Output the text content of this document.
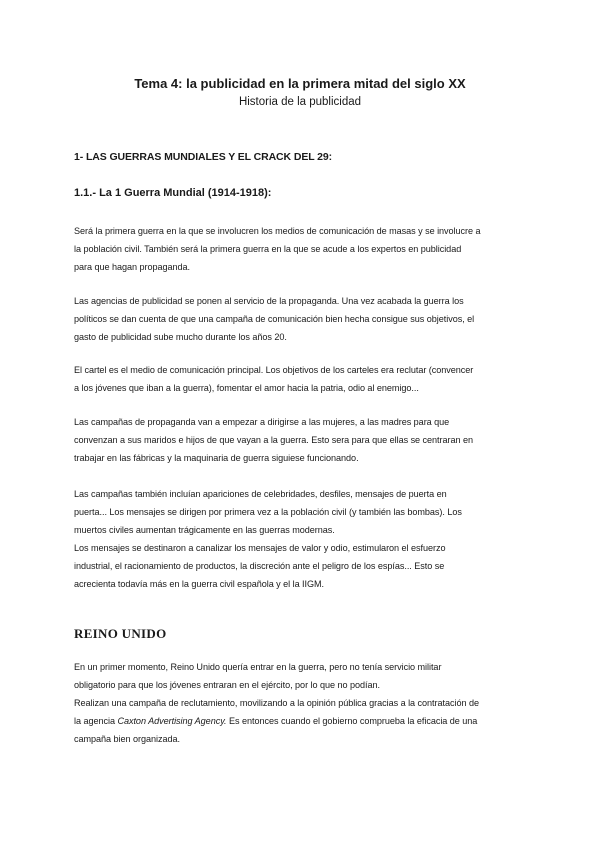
Tema 4: la publicidad en la primera mitad del siglo XX
Historia de la publicidad
1- LAS GUERRAS MUNDIALES Y EL CRACK DEL 29:
1.1.- La 1 Guerra Mundial (1914-1918):

Será la primera guerra en la que se involucren los medios de comunicación de masas y se involucre a
la población civil. También será la primera guerra en la que se acude a los expertos en publicidad
para que hagan propaganda.

Las agencias de publicidad se ponen al servicio de la propaganda. Una vez acabada la guerra los
políticos se dan cuenta de que una campaña de comunicación bien hecha consigue sus objetivos, el
gasto de publicidad sube mucho durante los años 20.

El cartel es el medio de comunicación principal. Los objetivos de los carteles era reclutar (convencer
a los jóvenes que iban a la guerra), fomentar el amor hacia la patria, odio al enemigo...

Las campañas de propaganda van a empezar a dirigirse a las mujeres, a las madres para que
convenzan a sus maridos e hijos de que vayan a la guerra. Esto sera para que ellas se centraran en
trabajar en las fábricas y la maquinaria de guerra siguiese funcionando.

Las campañas también incluían apariciones de celebridades, desfiles, mensajes de puerta en
puerta... Los mensajes se dirigen por primera vez a la población civil (y también las bombas). Los
muertos civiles aumentan trágicamente en las guerras modernas.
Los mensajes se destinaron a canalizar los mensajes de valor y odio, estimularon el esfuerzo
industrial, el racionamiento de productos, la discreción ante el peligro de los espías... Esto se
acrecienta todavía más en la guerra civil española y el la IIGM.

REINO UNIDO

En un primer momento, Reino Unido quería entrar en la guerra, pero no tenía servicio militar
obligatorio para que los jóvenes entraran en el ejército, por lo que no podían.
Realizan una campaña de reclutamiento, movilizando a la opinión pública gracias a la contratación de
la agencia Caxton Advertising Agency. Es entonces cuando el gobierno comprueba la eficacia de una
campaña bien organizada.
